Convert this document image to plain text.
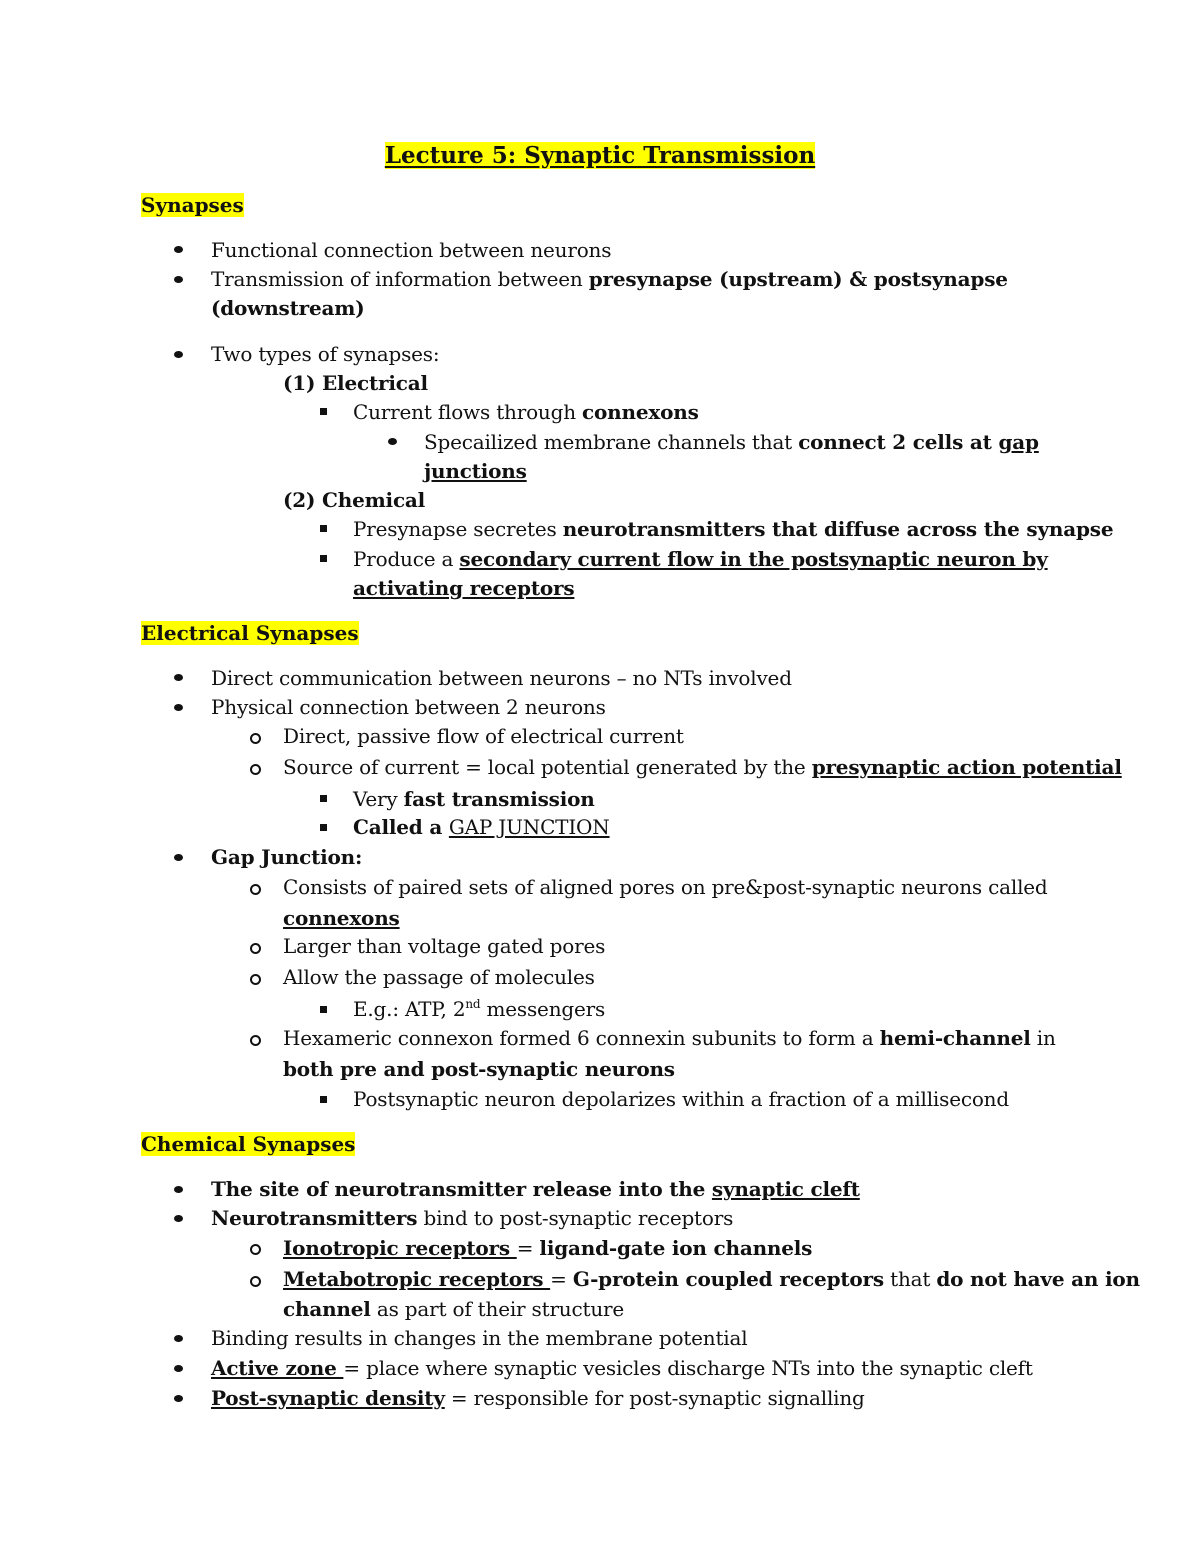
Lecture 5: Synaptic Transmission
Synapses
Functional connection between neurons
Transmission of information between presynapse (upstream) & postsynapse
(downstream)
Two types of synapses:
(1) Electrical
Current flows through connexons
Specailized membrane channels that connect 2 cells at gap
junctions
(2) Chemical
Presynapse secretes neurotransmitters that diffuse across the synapse
Produce a secondary current flow in the postsynaptic neuron by
activating receptors
Electrical Synapses
Direct communication between neurons – no NTs involved
Physical connection between 2 neurons
Direct, passive flow of electrical current
Source of current = local potential generated by the presynaptic action potential
Very fast transmission
Called a GAP JUNCTION
Gap Junction:
Consists of paired sets of aligned pores on pre&post-synaptic neurons called
connexons
Larger than voltage gated pores
Allow the passage of molecules
E.g.: ATP, 2nd messengers
Hexameric connexon formed 6 connexin subunits to form a hemi-channel in
both pre and post-synaptic neurons
Postsynaptic neuron depolarizes within a fraction of a millisecond
Chemical Synapses
The site of neurotransmitter release into the synaptic cleft
Neurotransmitters bind to post-synaptic receptors
Ionotropic receptors = ligand-gate ion channels
Metabotropic receptors = G-protein coupled receptors that do not have an ion
channel as part of their structure
Binding results in changes in the membrane potential
Active zone = place where synaptic vesicles discharge NTs into the synaptic cleft
Post-synaptic density = responsible for post-synaptic signalling
